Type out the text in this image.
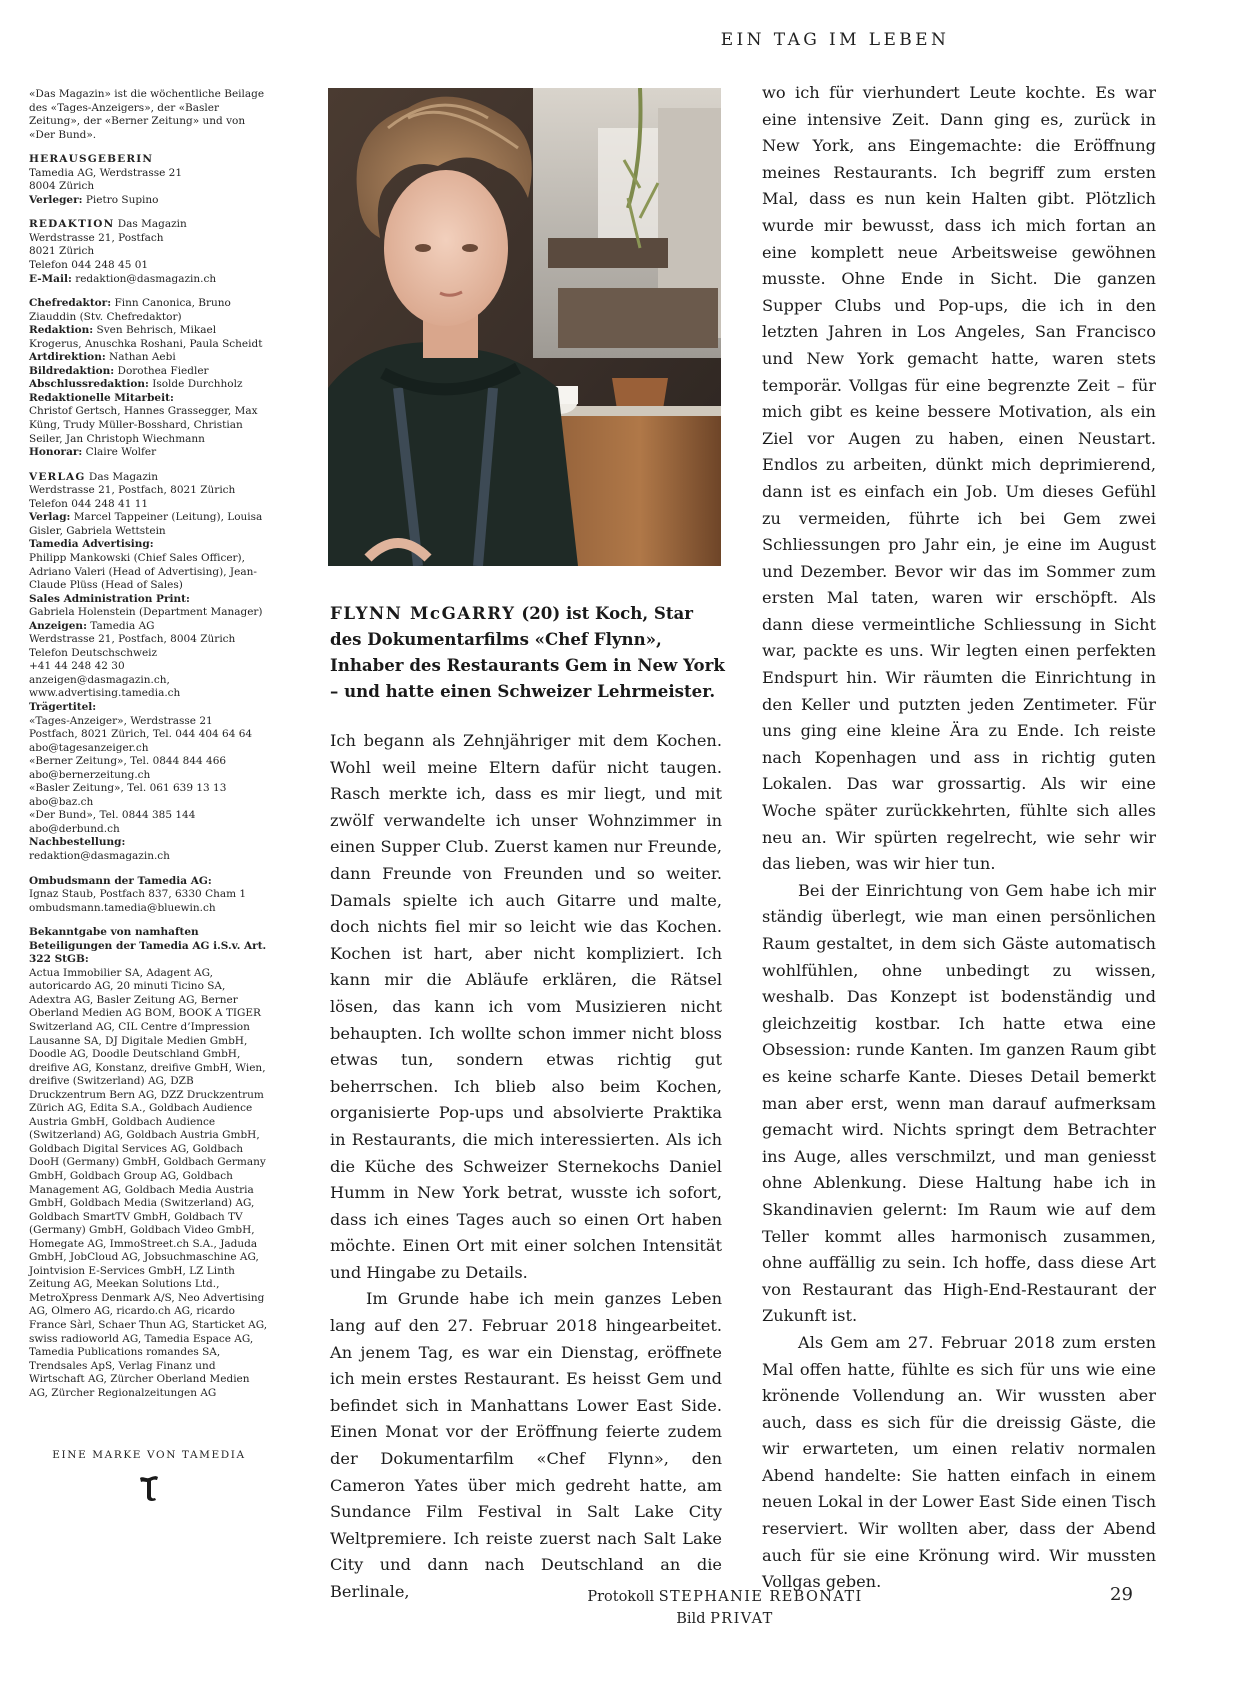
EIN TAG IM LEBEN

«Das Magazin» ist die wöchentliche Beilage des «Tages-Anzeigers», der «Basler Zeitung», der «Berner Zeitung» und von «Der Bund».

HERAUSGEBERIN
Tamedia AG, Werdstrasse 21
8004 Zürich
Verleger: Pietro Supino

REDAKTION Das Magazin
Werdstrasse 21, Postfach
8021 Zürich
Telefon 044 248 45 01
E-Mail: redaktion@dasmagazin.ch

Chefredaktor: Finn Canonica, Bruno Ziauddin (Stv. Chefredaktor)
Redaktion: Sven Behrisch, Mikael Krogerus, Anuschka Roshani, Paula Scheidt
Artdirektion: Nathan Aebi
Bildredaktion: Dorothea Fiedler
Abschlussredaktion: Isolde Durchholz
Redaktionelle Mitarbeit:
Christof Gertsch, Hannes Grassegger, Max Küng, Trudy Müller-Bosshard, Christian Seiler, Jan Christoph Wiechmann
Honorar: Claire Wolfer

VERLAG Das Magazin
Werdstrasse 21, Postfach, 8021 Zürich
Telefon 044 248 41 11
Verlag: Marcel Tappeiner (Leitung), Louisa Gisler, Gabriela Wettstein
Tamedia Advertising:
Philipp Mankowski (Chief Sales Officer), Adriano Valeri (Head of Advertising), Jean-Claude Plüss (Head of Sales)
Sales Administration Print:
Gabriela Holenstein (Department Manager)
Anzeigen: Tamedia AG
Werdstrasse 21, Postfach, 8004 Zürich
Telefon Deutschschweiz
+41 44 248 42 30
anzeigen@dasmagazin.ch,
www.advertising.tamedia.ch
Trägertitel:
«Tages-Anzeiger», Werdstrasse 21
Postfach, 8021 Zürich, Tel. 044 404 64 64
abo@tagesanzeiger.ch
«Berner Zeitung», Tel. 0844 844 466
abo@bernerzeitung.ch
«Basler Zeitung», Tel. 061 639 13 13
abo@baz.ch
«Der Bund», Tel. 0844 385 144
abo@derbund.ch
Nachbestellung:
redaktion@dasmagazin.ch

Ombudsmann der Tamedia AG:
Ignaz Staub, Postfach 837, 6330 Cham 1
ombudsmann.tamedia@bluewin.ch

Bekanntgabe von namhaften Beteiligungen der Tamedia AG i.S.v. Art. 322 StGB:
Actua Immobilier SA, Adagent AG, autoricardo AG, 20 minuti Ticino SA, Adextra AG, Basler Zeitung AG, Berner Oberland Medien AG BOM, BOOK A TIGER Switzerland AG, CIL Centre d’Impression Lausanne SA, DJ Digitale Medien GmbH, Doodle AG, Doodle Deutschland GmbH, dreifive AG, Konstanz, dreifive GmbH, Wien, dreifive (Switzerland) AG, DZB Druckzentrum Bern AG, DZZ Druckzentrum Zürich AG, Edita S.A., Goldbach Audience Austria GmbH, Goldbach Audience (Switzerland) AG, Goldbach Austria GmbH, Goldbach Digital Services AG, Goldbach DooH (Germany) GmbH, Goldbach Germany GmbH, Goldbach Group AG, Goldbach Management AG, Goldbach Media Austria GmbH, Goldbach Media (Switzerland) AG, Goldbach SmartTV GmbH, Goldbach TV (Germany) GmbH, Goldbach Video GmbH, Homegate AG, ImmoStreet.ch S.A., Jaduda GmbH, JobCloud AG, Jobsuchmaschine AG, Jointvision E-Services GmbH, LZ Linth Zeitung AG, Meekan Solutions Ltd., MetroXpress Denmark A/S, Neo Advertising AG, Olmero AG, ricardo.ch AG, ricardo France Sàrl, Schaer Thun AG, Starticket AG, swiss radioworld AG, Tamedia Espace AG, Tamedia Publications romandes SA, Trendsales ApS, Verlag Finanz und Wirtschaft AG, Zürcher Oberland Medien AG, Zürcher Regionalzeitungen AG

EINE MARKE VON TAMEDIA
FLYNN McGARRY (20) ist Koch, Star des Dokumentarfilms «Chef Flynn», Inhaber des Restaurants Gem in New York – und hatte einen Schweizer Lehrmeister.

Ich begann als Zehnjähriger mit dem Kochen. Wohl weil meine Eltern dafür nicht taugen. Rasch merkte ich, dass es mir liegt, und mit zwölf verwandelte ich unser Wohnzimmer in einen Supper Club. Zuerst kamen nur Freunde, dann Freunde von Freunden und so weiter. Damals spielte ich auch Gitarre und malte, doch nichts fiel mir so leicht wie das Kochen. Kochen ist hart, aber nicht kompliziert. Ich kann mir die Abläufe erklären, die Rätsel lösen, das kann ich vom Musizieren nicht behaupten. Ich wollte schon immer nicht bloss etwas tun, sondern etwas richtig gut beherrschen. Ich blieb also beim Kochen, organisierte Pop-ups und absolvierte Praktika in Restaurants, die mich interessierten. Als ich die Küche des Schweizer Sternekochs Daniel Humm in New York betrat, wusste ich sofort, dass ich eines Tages auch so einen Ort haben möchte. Einen Ort mit einer solchen Intensität und Hingabe zu Details.

Im Grunde habe ich mein ganzes Leben lang auf den 27. Februar 2018 hingearbeitet. An jenem Tag, es war ein Dienstag, eröffnete ich mein erstes Restaurant. Es heisst Gem und befindet sich in Manhattans Lower East Side. Einen Monat vor der Eröffnung feierte zudem der Dokumentarfilm «Chef Flynn», den Cameron Yates über mich gedreht hatte, am Sundance Film Festival in Salt Lake City Weltpremiere. Ich reiste zuerst nach Salt Lake City und dann nach Deutschland an die Berlinale,

wo ich für vierhundert Leute kochte. Es war eine intensive Zeit. Dann ging es, zurück in New York, ans Eingemachte: die Eröffnung meines Restaurants. Ich begriff zum ersten Mal, dass es nun kein Halten gibt. Plötzlich wurde mir bewusst, dass ich mich fortan an eine komplett neue Arbeitsweise gewöhnen musste. Ohne Ende in Sicht. Die ganzen Supper Clubs und Pop-ups, die ich in den letzten Jahren in Los Angeles, San Francisco und New York gemacht hatte, waren stets temporär. Vollgas für eine begrenzte Zeit – für mich gibt es keine bessere Motivation, als ein Ziel vor Augen zu haben, einen Neustart. Endlos zu arbeiten, dünkt mich deprimierend, dann ist es einfach ein Job. Um dieses Gefühl zu vermeiden, führte ich bei Gem zwei Schliessungen pro Jahr ein, je eine im August und Dezember. Bevor wir das im Sommer zum ersten Mal taten, waren wir erschöpft. Als dann diese vermeintliche Schliessung in Sicht war, packte es uns. Wir legten einen perfekten Endspurt hin. Wir räumten die Einrichtung in den Keller und putzten jeden Zentimeter. Für uns ging eine kleine Ära zu Ende. Ich reiste nach Kopenhagen und ass in richtig guten Lokalen. Das war grossartig. Als wir eine Woche später zurückkehrten, fühlte sich alles neu an. Wir spürten regelrecht, wie sehr wir das lieben, was wir hier tun.

Bei der Einrichtung von Gem habe ich mir ständig überlegt, wie man einen persönlichen Raum gestaltet, in dem sich Gäste automatisch wohlfühlen, ohne unbedingt zu wissen, weshalb. Das Konzept ist bodenständig und gleichzeitig kostbar. Ich hatte etwa eine Obsession: runde Kanten. Im ganzen Raum gibt es keine scharfe Kante. Dieses Detail bemerkt man aber erst, wenn man darauf aufmerksam gemacht wird. Nichts springt dem Betrachter ins Auge, alles verschmilzt, und man geniesst ohne Ablenkung. Diese Haltung habe ich in Skandinavien gelernt: Im Raum wie auf dem Teller kommt alles harmonisch zusammen, ohne auffällig zu sein. Ich hoffe, dass diese Art von Restaurant das High-End-Restaurant der Zukunft ist.

Als Gem am 27. Februar 2018 zum ersten Mal offen hatte, fühlte es sich für uns wie eine krönende Vollendung an. Wir wussten aber auch, dass es sich für die dreissig Gäste, die wir erwarteten, um einen relativ normalen Abend handelte: Sie hatten einfach in einem neuen Lokal in der Lower East Side einen Tisch reserviert. Wir wollten aber, dass der Abend auch für sie eine Krönung wird. Wir mussten Vollgas geben.

Protokoll STEPHANIE REBONATI
Bild PRIVAT
29
